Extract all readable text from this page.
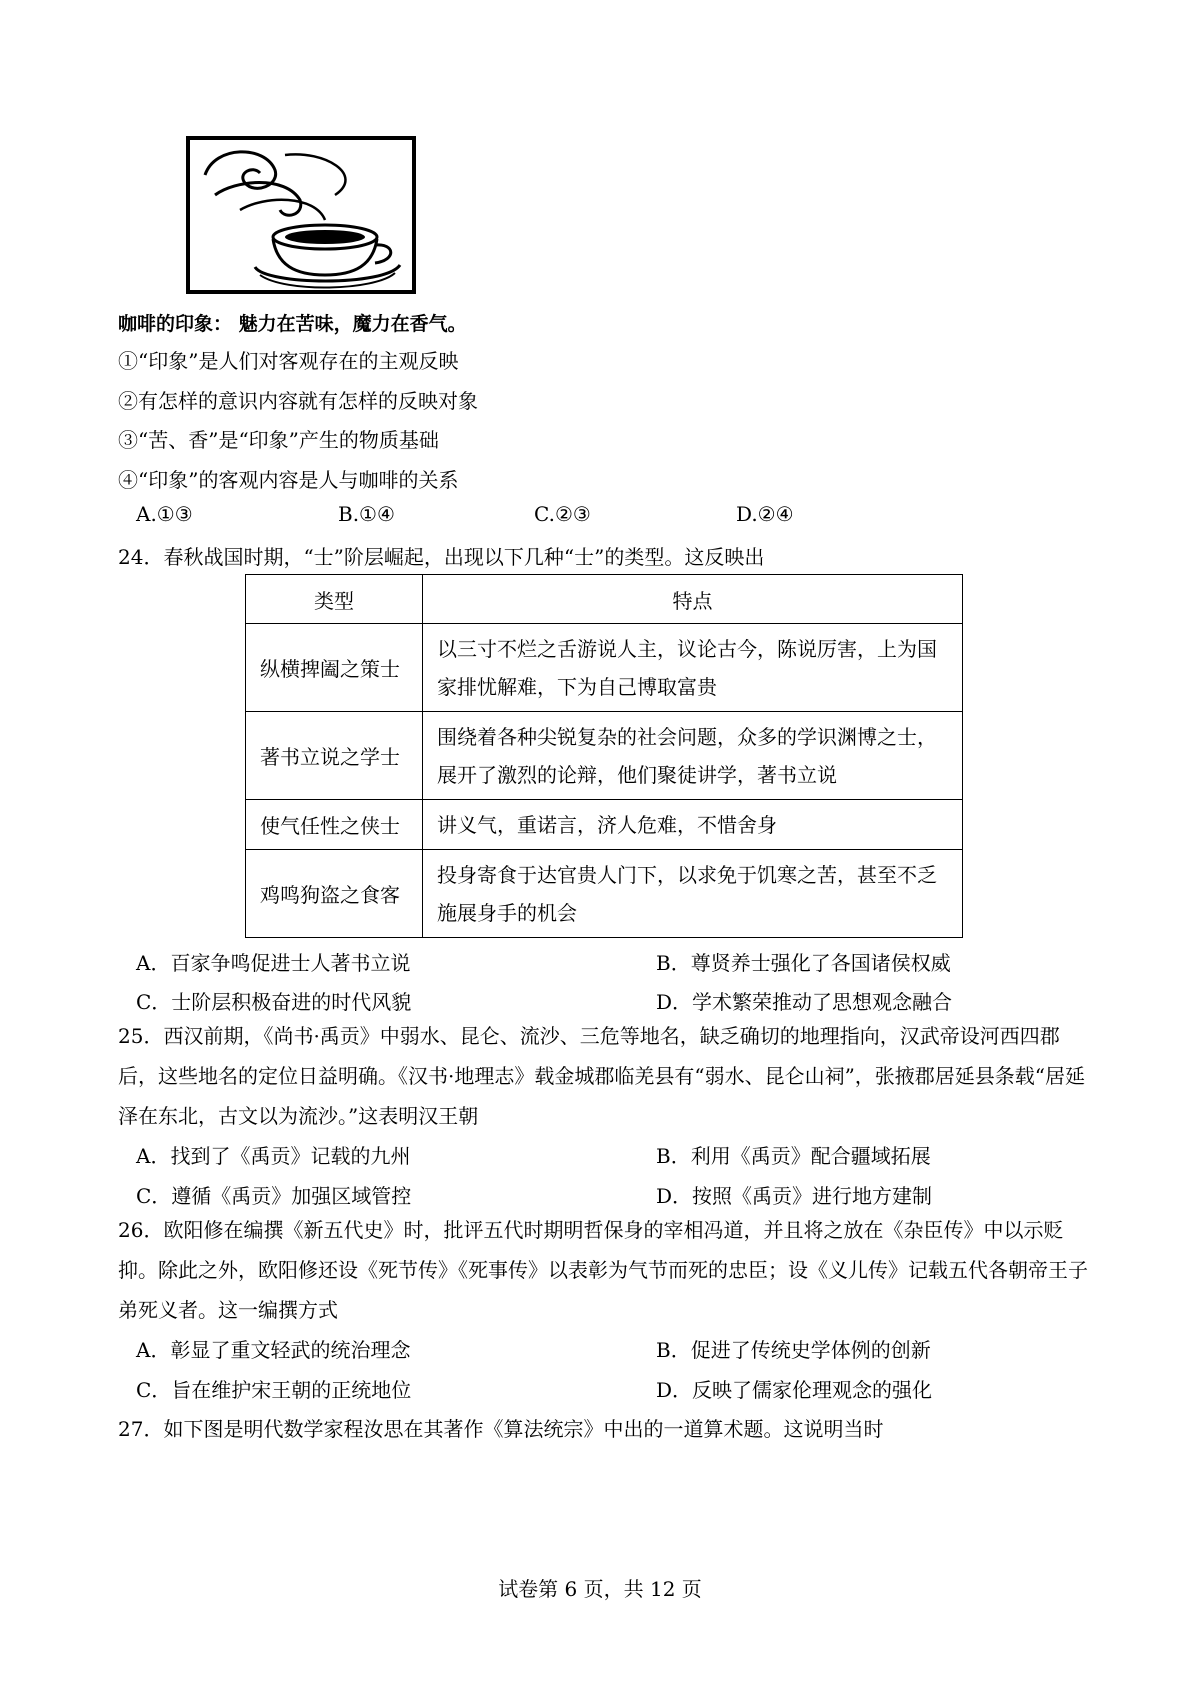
咖啡的印象： 魅力在苦味，魔力在香气。
①“印象”是人们对客观存在的主观反映
②有怎样的意识内容就有怎样的反映对象
③“苦、香”是“印象”产生的物质基础
④“印象”的客观内容是人与咖啡的关系
A.①③	B.①④	C.②③	D.②④
24．春秋战国时期，“士”阶层崛起，出现以下几种“士”的类型。这反映出
类型	特点
纵横捭阖之策士	以三寸不烂之舌游说人主，议论古今，陈说厉害，上为国家排忧解难，下为自己博取富贵
著书立说之学士	围绕着各种尖锐复杂的社会问题，众多的学识渊博之士，展开了激烈的论辩，他们聚徒讲学，著书立说
使气任性之侠士	讲义气，重诺言，济人危难，不惜舍身
鸡鸣狗盗之食客	投身寄食于达官贵人门下，以求免于饥寒之苦，甚至不乏施展身手的机会
A．百家争鸣促进士人著书立说	B．尊贤养士强化了各国诸侯权威
C．士阶层积极奋进的时代风貌	D．学术繁荣推动了思想观念融合
25．西汉前期，《尚书·禹贡》中弱水、昆仑、流沙、三危等地名，缺乏确切的地理指向，汉武帝设河西四郡后，这些地名的定位日益明确。《汉书·地理志》载金城郡临羌县有“弱水、昆仑山祠”，张掖郡居延县条载“居延泽在东北，古文以为流沙。”这表明汉王朝
A．找到了《禹贡》记载的九州	B．利用《禹贡》配合疆域拓展
C．遵循《禹贡》加强区域管控	D．按照《禹贡》进行地方建制
26．欧阳修在编撰《新五代史》时，批评五代时期明哲保身的宰相冯道，并且将之放在《杂臣传》中以示贬抑。除此之外，欧阳修还设《死节传》《死事传》以表彰为气节而死的忠臣；设《义儿传》记载五代各朝帝王子弟死义者。这一编撰方式
A．彰显了重文轻武的统治理念	B．促进了传统史学体例的创新
C．旨在维护宋王朝的正统地位	D．反映了儒家伦理观念的强化
27．如下图是明代数学家程汝思在其著作《算法统宗》中出的一道算术题。这说明当时
试卷第 6 页，共 12 页
